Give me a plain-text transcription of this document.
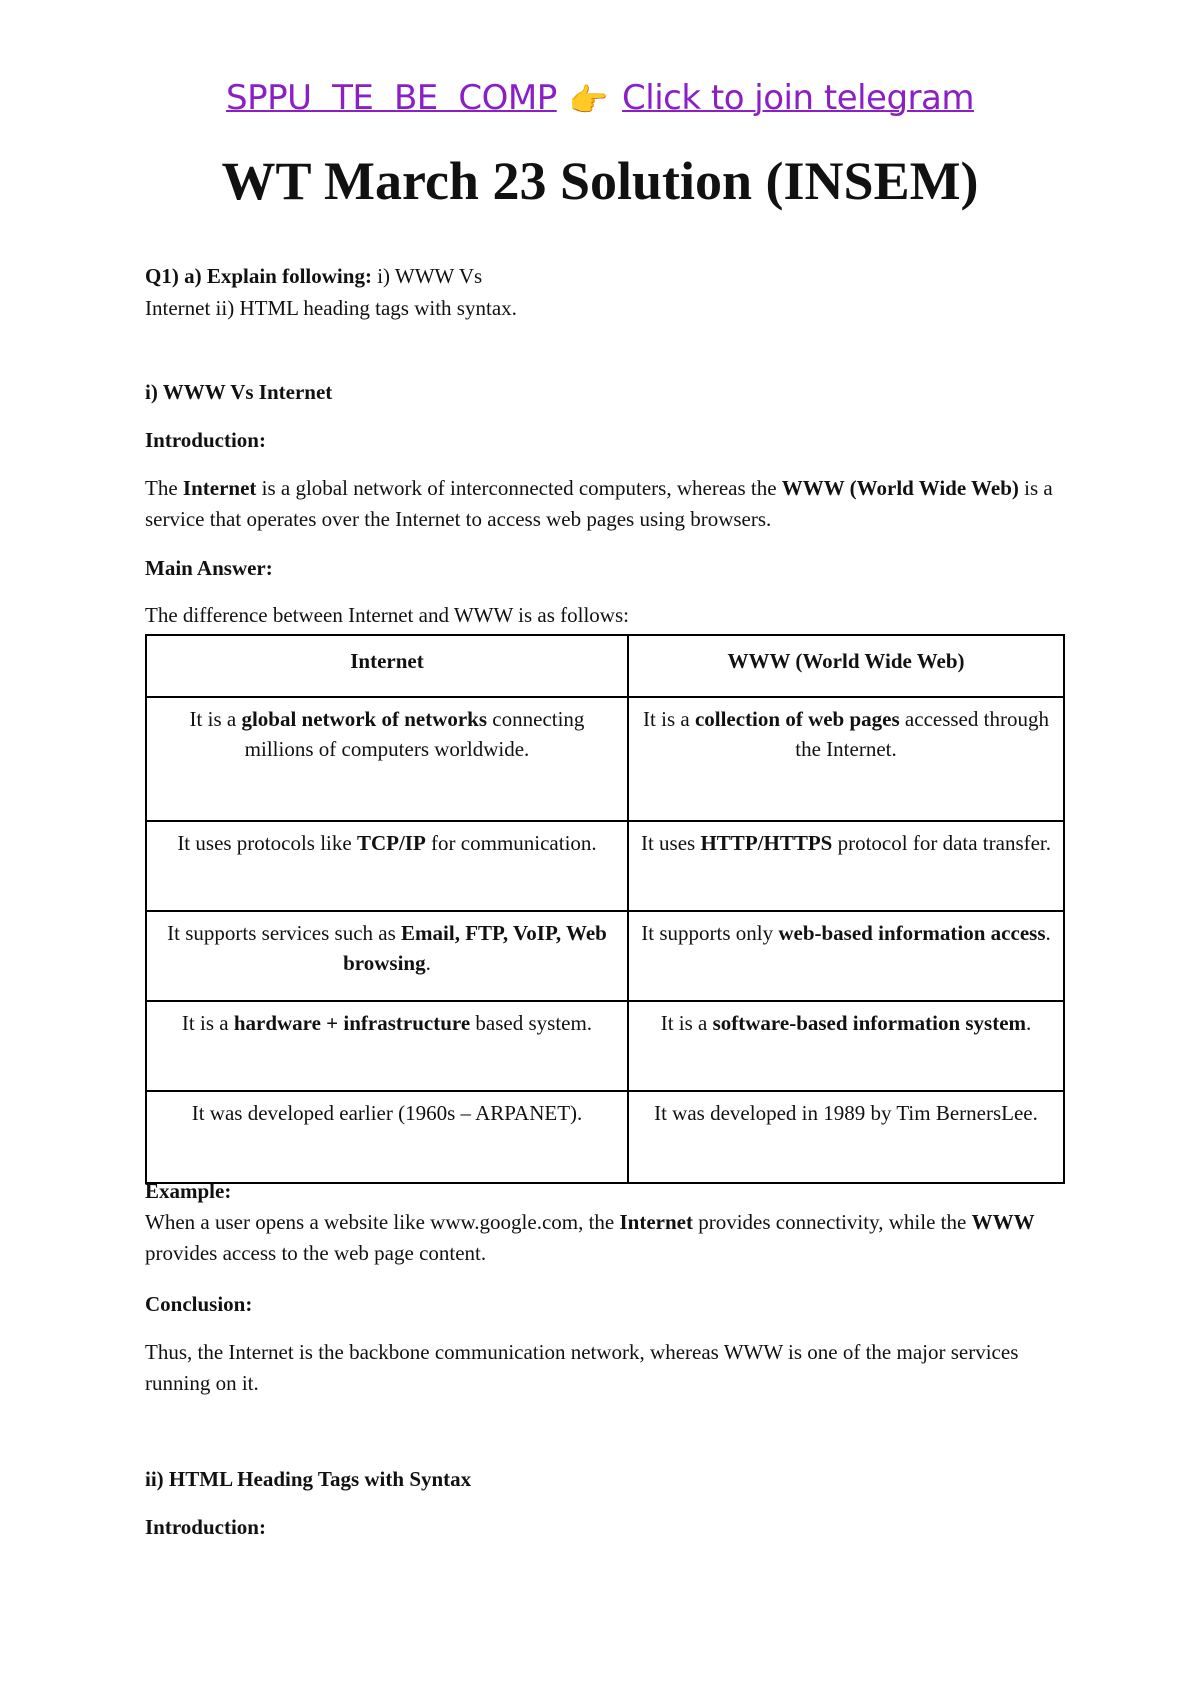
SPPU  TE  BE  COMP 👉 Click to join telegram
WT March 23 Solution (INSEM)
Q1) a) Explain following: i) WWW Vs Internet ii) HTML heading tags with syntax.
i) WWW Vs Internet
Introduction:
The Internet is a global network of interconnected computers, whereas the WWW (World Wide Web) is a service that operates over the Internet to access web pages using browsers.
Main Answer:
The difference between Internet and WWW is as follows:
Internet	WWW (World Wide Web)
It is a global network of networks connecting millions of computers worldwide.	It is a collection of web pages accessed through the Internet.
It uses protocols like TCP/IP for communication.	It uses HTTP/HTTPS protocol for data transfer.
It supports services such as Email, FTP, VoIP, Web browsing.	It supports only web-based information access.
It is a hardware + infrastructure based system.	It is a software-based information system.
It was developed earlier (1960s – ARPANET).	It was developed in 1989 by Tim BernersLee.
Example:
When a user opens a website like www.google.com, the Internet provides connectivity, while the WWW provides access to the web page content.
Conclusion:
Thus, the Internet is the backbone communication network, whereas WWW is one of the major services running on it.
ii) HTML Heading Tags with Syntax
Introduction:
